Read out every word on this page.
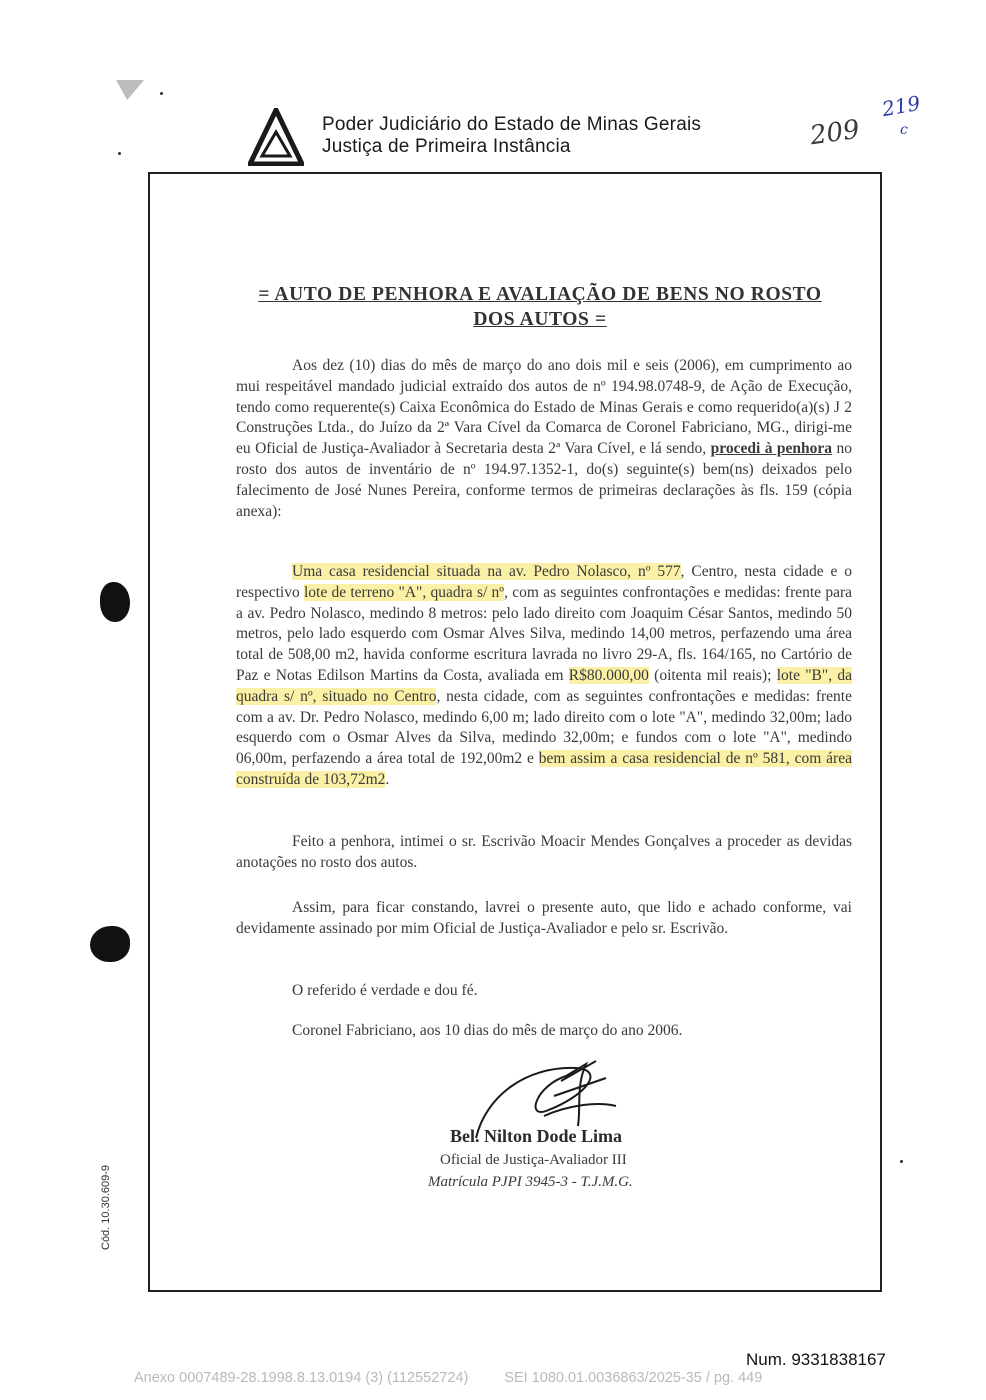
Poder Judiciário do Estado de Minas Gerais
Justiça de Primeira Instância	209
219
c
= AUTO DE PENHORA E AVALIAÇÃO DE BENS NO ROSTO
DOS AUTOS =
Aos dez (10) dias do mês de março do ano dois mil e seis (2006), em cumprimento ao mui respeitável mandado judicial extraído dos autos de nº 194.98.0748-9, de Ação de Execução, tendo como requerente(s) Caixa Econômica do Estado de Minas Gerais e como requerido(a)(s) J 2 Construções Ltda., do Juízo da 2ª Vara Cível da Comarca de Coronel Fabriciano, MG., dirigi-me eu Oficial de Justiça-Avaliador à Secretaria desta 2ª Vara Cível, e lá sendo, procedi à penhora no rosto dos autos de inventário de nº 194.97.1352-1, do(s) seguinte(s) bem(ns) deixados pelo falecimento de José Nunes Pereira, conforme termos de primeiras declarações às fls. 159 (cópia anexa):
Uma casa residencial situada na av. Pedro Nolasco, nº 577, Centro, nesta cidade e o respectivo lote de terreno "A", quadra s/ nº, com as seguintes confrontações e medidas: frente para a av. Pedro Nolasco, medindo 8 metros: pelo lado direito com Joaquim César Santos, medindo 50 metros, pelo lado esquerdo com Osmar Alves Silva, medindo 14,00 metros, perfazendo uma área total de 508,00 m2, havida conforme escritura lavrada no livro 29-A, fls. 164/165, no Cartório de Paz e Notas Edilson Martins da Costa, avaliada em R$80.000,00 (oitenta mil reais); lote "B", da quadra s/ nº, situado no Centro, nesta cidade, com as seguintes confrontações e medidas: frente com a av. Dr. Pedro Nolasco, medindo 6,00 m; lado direito com o lote "A", medindo 32,00m; lado esquerdo com o Osmar Alves da Silva, medindo 32,00m; e fundos com o lote "A", medindo 06,00m, perfazendo a área total de 192,00m2 e bem assim a casa residencial de nº 581, com área construída de 103,72m2.
Feito a penhora, intimei o sr. Escrivão Moacir Mendes Gonçalves a proceder as devidas anotações no rosto dos autos.
Assim, para ficar constando, lavrei o presente auto, que lido e achado conforme, vai devidamente assinado por mim Oficial de Justiça-Avaliador e pelo sr. Escrivão.
O referido é verdade e dou fé.
Coronel Fabriciano, aos 10 dias do mês de março do ano 2006.
Bel. Nilton Dode Lima
Oficial de Justiça-Avaliador III
Matrícula PJPI 3945-3 - T.J.M.G.
Cód. 10.30.609-9
Num. 9331838167
Anexo 0007489-28.1998.8.13.0194 (3) (112552724) SEI 1080.01.0036863/2025-35 / pg. 449
